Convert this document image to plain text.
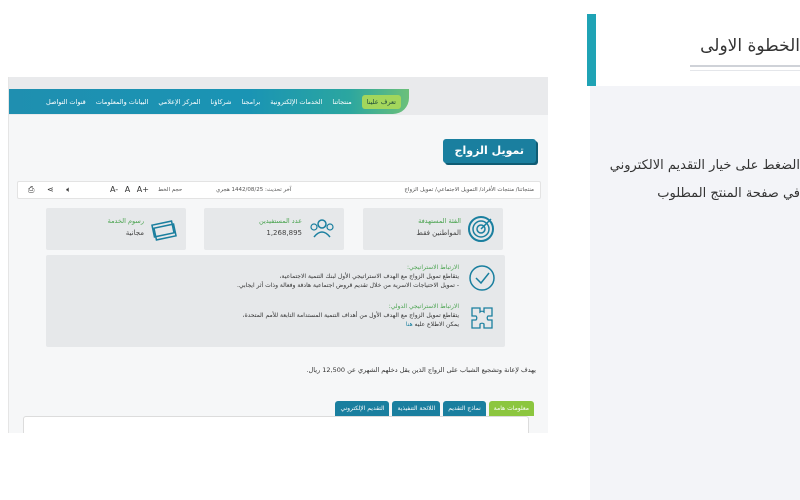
الخطوة الاولى
الضغط على خيار التقديم الالكتروني
في صفحة المنتج المطلوب
تعرف علينا
منتجاتنا
الخدمات الإلكترونية
برامجنا
شركاؤنا
المركز الإعلامي
البيانات والمعلومات
قنوات التواصل
تمويل الزواج
منتجاتنا/ منتجات الأفراد/ التمويل الاجتماعي/ تمويل الزواج
آخر تحديث: 1442/08/25 هجري
حجم الخط
A- A A+
⎙ ⋖ 🔈︎
الفئة المستهدفة
المواطنين فقط
عدد المستفيدين
1,268,895
رسوم الخدمة
مجانية
الارتباط الاستراتيجي:
يتقاطع تمويل الزواج مع الهدف الاستراتيجي الأول لبنك التنمية الاجتماعية،
- تمويل الاحتياجات الاسرية من خلال تقديم قروض اجتماعية هادفة وفعالة وذات أثر ايجابي.
الارتباط الاستراتيجي الدولي:
يتقاطع تمويل الزواج مع الهدف الأول من أهداف التنمية المستدامة التابعة للأمم المتحدة،
يمكن الاطلاع عليه هنا
يهدف لإعانة وتشجيع الشباب على الزواج الذين يقل دخلهم الشهري عن 12,500 ريال.
معلومات هامة
نماذج التقديم
اللائحة التنفيذية
التقديم الإلكتروني
